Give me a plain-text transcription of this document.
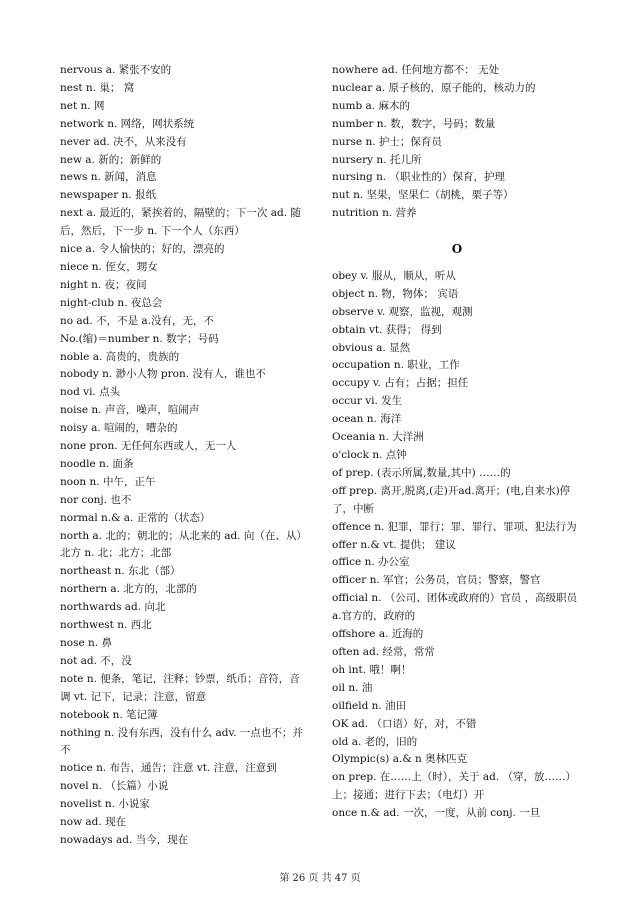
nervous a. 紧张不安的
nest n. 巢； 窝
net n. 网
network n. 网络，网状系统
never ad. 决不，从来没有
new a. 新的；新鲜的
news n. 新闻，消息
newspaper n. 报纸
next a. 最近的，紧挨着的，隔壁的；下一次 ad. 随后，然后，下一步 n. 下一个人（东西）
nice a. 令人愉快的；好的，漂亮的
niece n. 侄女，甥女
night n. 夜；夜间
night-club n. 夜总会
no ad. 不，不是 a.没有，无，不
No.(缩)＝number n. 数字；号码
noble a. 高贵的，贵族的
nobody n. 渺小人物 pron. 没有人，谁也不
nod vi. 点头
noise n. 声音，噪声，喧闹声
noisy a. 喧闹的，嘈杂的
none pron. 无任何东西或人，无一人
noodle n. 面条
noon n. 中午，正午
nor conj. 也不
normal n.& a. 正常的（状态）
north a. 北的；朝北的；从北来的 ad. 向（在、从）北方 n. 北；北方；北部
northeast n. 东北（部）
northern a. 北方的，北部的
northwards ad. 向北
northwest n. 西北
nose n. 鼻
not ad. 不，没
note n. 便条，笔记，注释；钞票，纸币；音符，音调 vt. 记下，记录；注意，留意
notebook n. 笔记簿
nothing n. 没有东西，没有什么 adv. 一点也不；并不
notice n. 布告，通告；注意 vt. 注意，注意到
novel n. （长篇）小说
novelist n. 小说家
now ad. 现在
nowadays ad. 当今，现在
nowhere ad. 任何地方都不： 无处
nuclear a. 原子核的，原子能的，核动力的
numb a. 麻木的
number n. 数，数字，号码；数量
nurse n. 护士；保育员
nursery n. 托儿所
nursing n. （职业性的）保育，护理
nut n. 坚果，坚果仁（胡桃，栗子等）
nutrition n. 营养
O
obey v. 服从，顺从，听从
object n. 物，物体； 宾语
observe v. 观察，监视，观测
obtain vt. 获得； 得到
obvious a. 显然
occupation n. 职业，工作
occupy v. 占有；占据；担任
occur vi. 发生
ocean n. 海洋
Oceania n. 大洋洲
o'clock n. 点钟
of prep. (表示所属,数量,其中) ……的
off prep. 离开,脱离,(走)开ad.离开；(电,自来水)停了，中断
offence n. 犯罪，罪行；罪、罪行、罪项、犯法行为
offer n.& vt. 提供； 建议
office n. 办公室
officer n. 军官；公务员，官员；警察，警官
official n. （公司、团体或政府的）官员 ，高级职员 a.官方的，政府的
offshore a. 近海的
often ad. 经常，常常
oh int. 哦！啊！
oil n. 油
oilfield n. 油田
OK ad. （口语）好，对，不错
old a. 老的，旧的
Olympic(s) a.& n 奥林匹克
on prep. 在……上（时），关于 ad. （穿，放……）上；接通；进行下去；（电灯）开
once n.& ad. 一次，一度，从前 conj. 一旦
第 26 页 共 47 页
